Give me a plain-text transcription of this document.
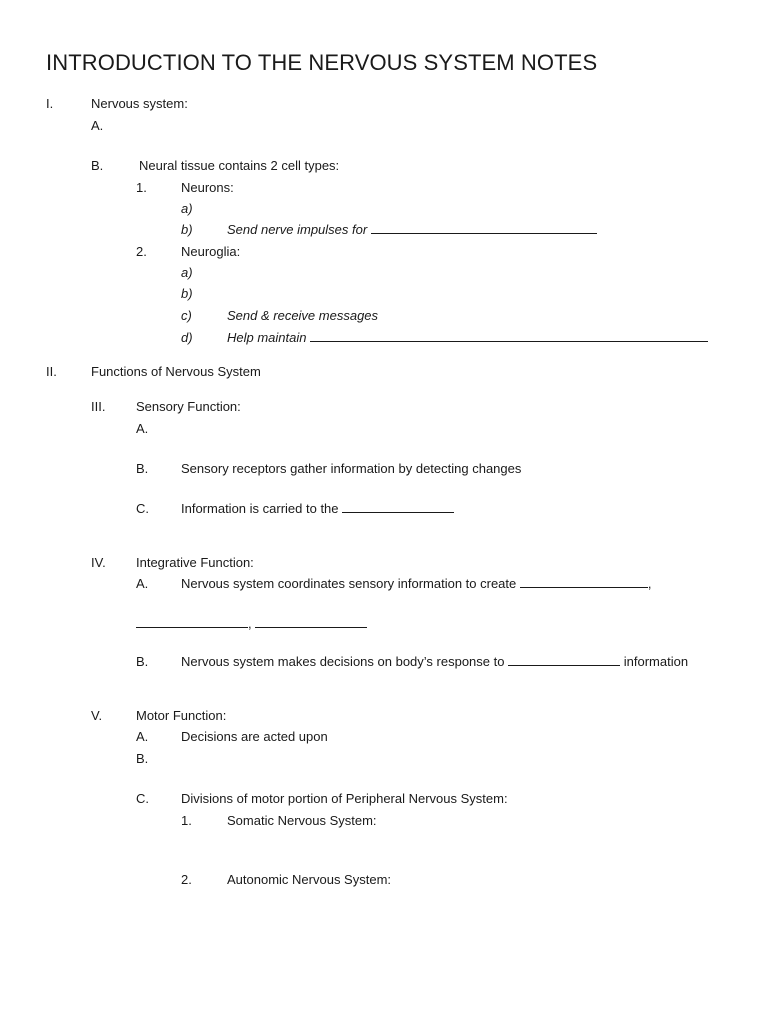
INTRODUCTION TO THE NERVOUS SYSTEM NOTES
I.	Nervous system:
A.
B.	Neural tissue contains 2 cell types:
1.	Neurons:
a)
b)	Send nerve impulses for
2.	Neuroglia:
a)
b)
c)	Send & receive messages
d)	Help maintain
II.	Functions of Nervous System
III. Sensory Function:
A.
B.	Sensory receptors gather information by detecting changes
C. Information is carried to the
IV. Integrative Function:
A.	Nervous system coordinates sensory information to create	,
,
B.	Nervous system makes decisions on body’s response to	information
V.	Motor Function:
A.	Decisions are acted upon
B.
C. Divisions of motor portion of Peripheral Nervous System:
1.	Somatic Nervous System:
2.	Autonomic Nervous System:
